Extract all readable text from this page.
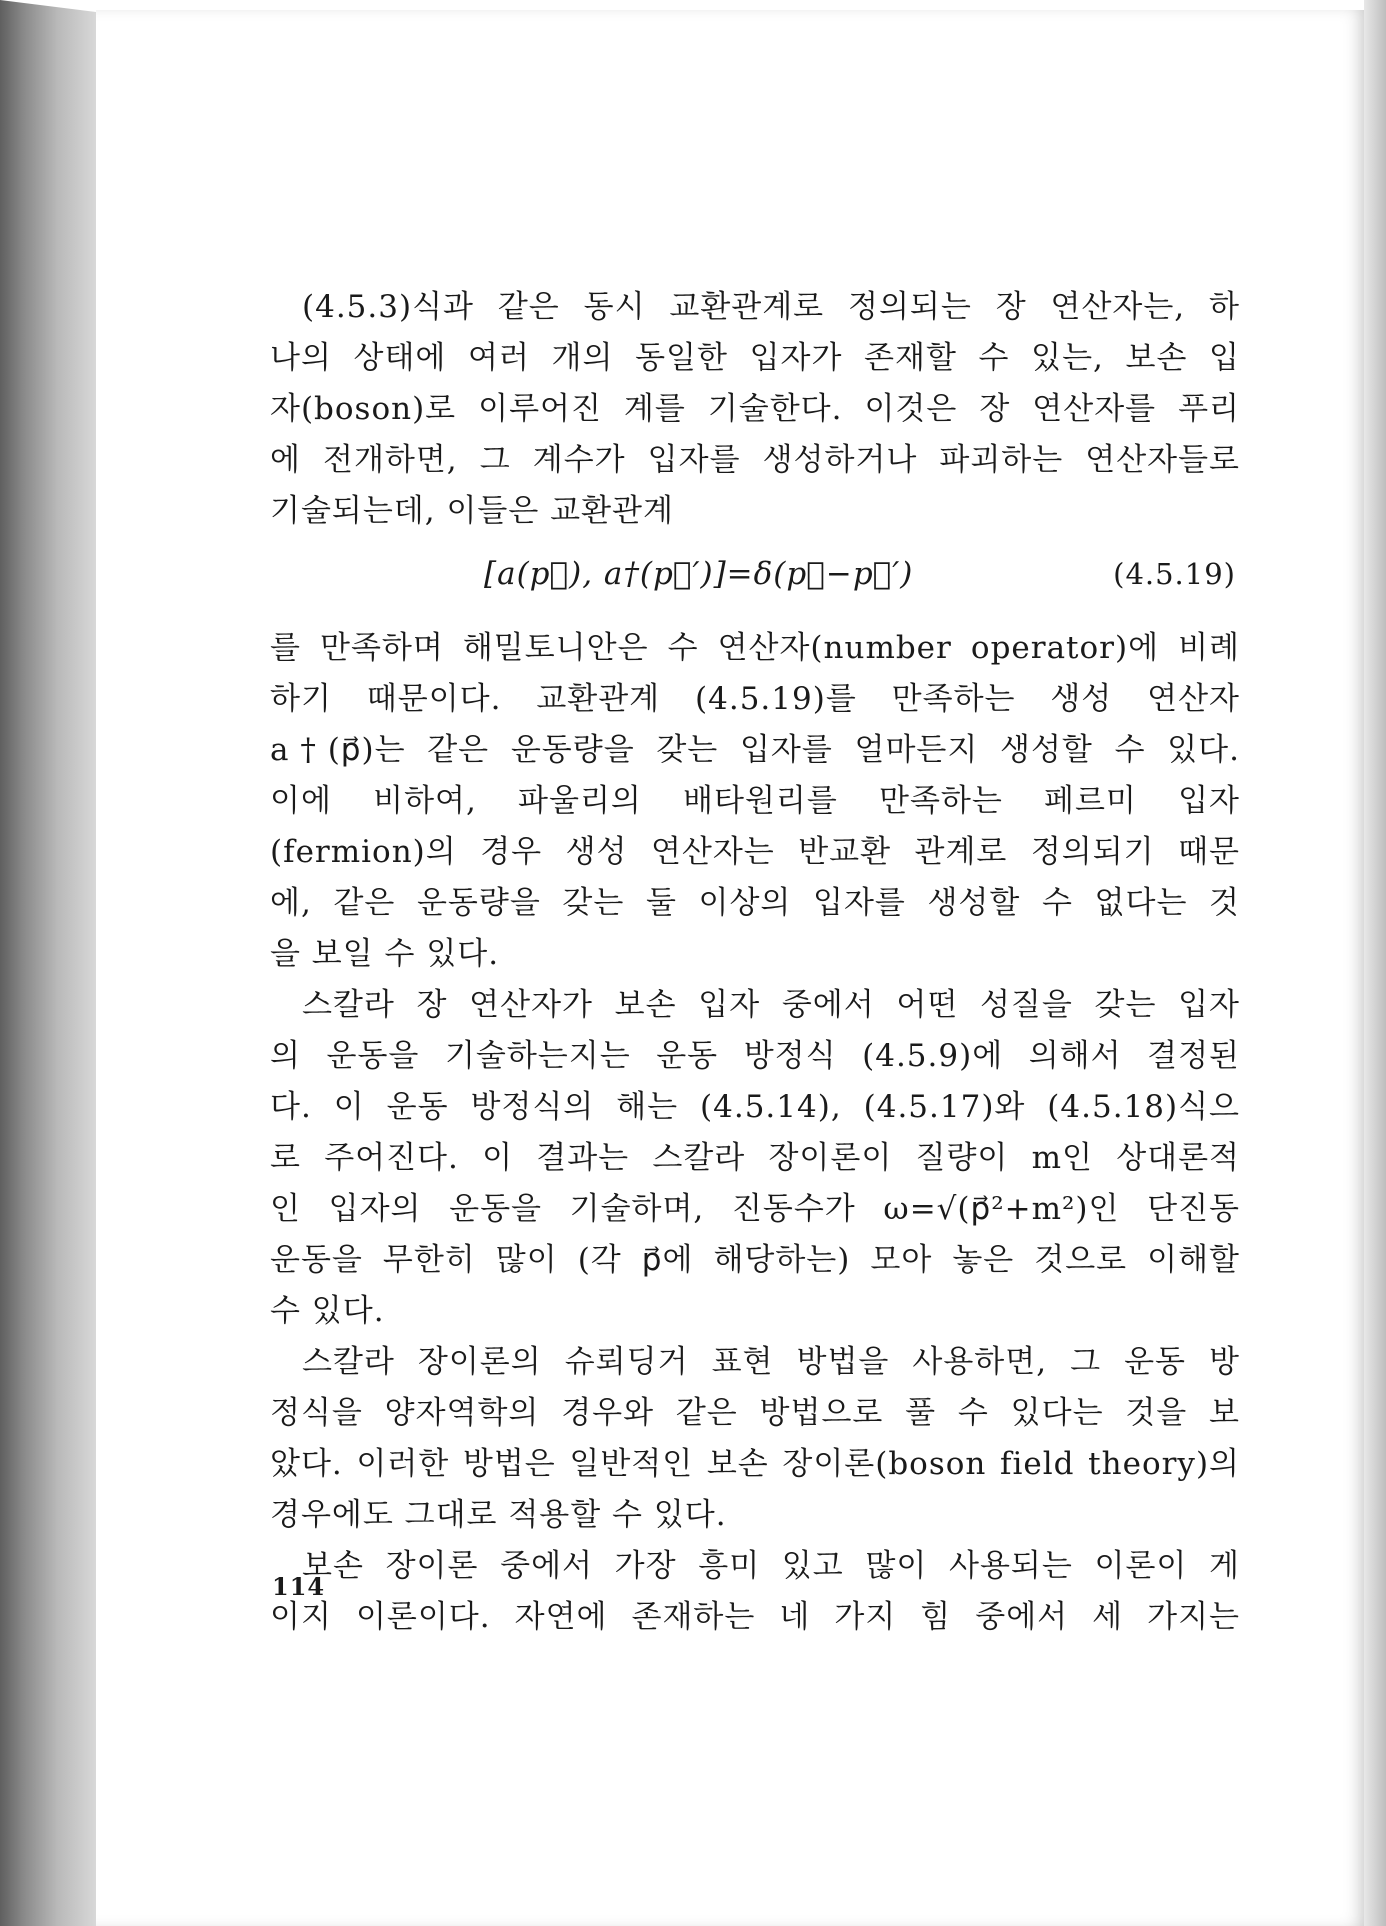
(4.5.3)식과 같은 동시 교환관계로 정의되는 장 연산자는, 하
나의 상태에 여러 개의 동일한 입자가 존재할 수 있는, 보손 입
자(boson)로 이루어진 계를 기술한다. 이것은 장 연산자를 푸리
에 전개하면, 그 계수가 입자를 생성하거나 파괴하는 연산자들로
기술되는데, 이들은 교환관계

[a(p⃗), a†(p⃗′)]=δ(p⃗−p⃗′)	(4.5.19)

를 만족하며 해밀토니안은 수 연산자(number operator)에 비례
하기 때문이다. 교환관계 (4.5.19)를 만족하는 생성 연산자
a†(p⃗)는 같은 운동량을 갖는 입자를 얼마든지 생성할 수 있다.
이에 비하여, 파울리의 배타원리를 만족하는 페르미 입자
(fermion)의 경우 생성 연산자는 반교환 관계로 정의되기 때문
에, 같은 운동량을 갖는 둘 이상의 입자를 생성할 수 없다는 것
을 보일 수 있다.

스칼라 장 연산자가 보손 입자 중에서 어떤 성질을 갖는 입자
의 운동을 기술하는지는 운동 방정식 (4.5.9)에 의해서 결정된
다. 이 운동 방정식의 해는 (4.5.14), (4.5.17)와 (4.5.18)식으
로 주어진다. 이 결과는 스칼라 장이론이 질량이 m인 상대론적
인 입자의 운동을 기술하며, 진동수가 ω=√(p⃗²+m²)인 단진동
운동을 무한히 많이 (각 p⃗에 해당하는) 모아 놓은 것으로 이해할
수 있다.

스칼라 장이론의 슈뢰딩거 표현 방법을 사용하면, 그 운동 방
정식을 양자역학의 경우와 같은 방법으로 풀 수 있다는 것을 보
았다. 이러한 방법은 일반적인 보손 장이론(boson field theory)의
경우에도 그대로 적용할 수 있다.

보손 장이론 중에서 가장 흥미 있고 많이 사용되는 이론이 게
이지 이론이다. 자연에 존재하는 네 가지 힘 중에서 세 가지는

114
